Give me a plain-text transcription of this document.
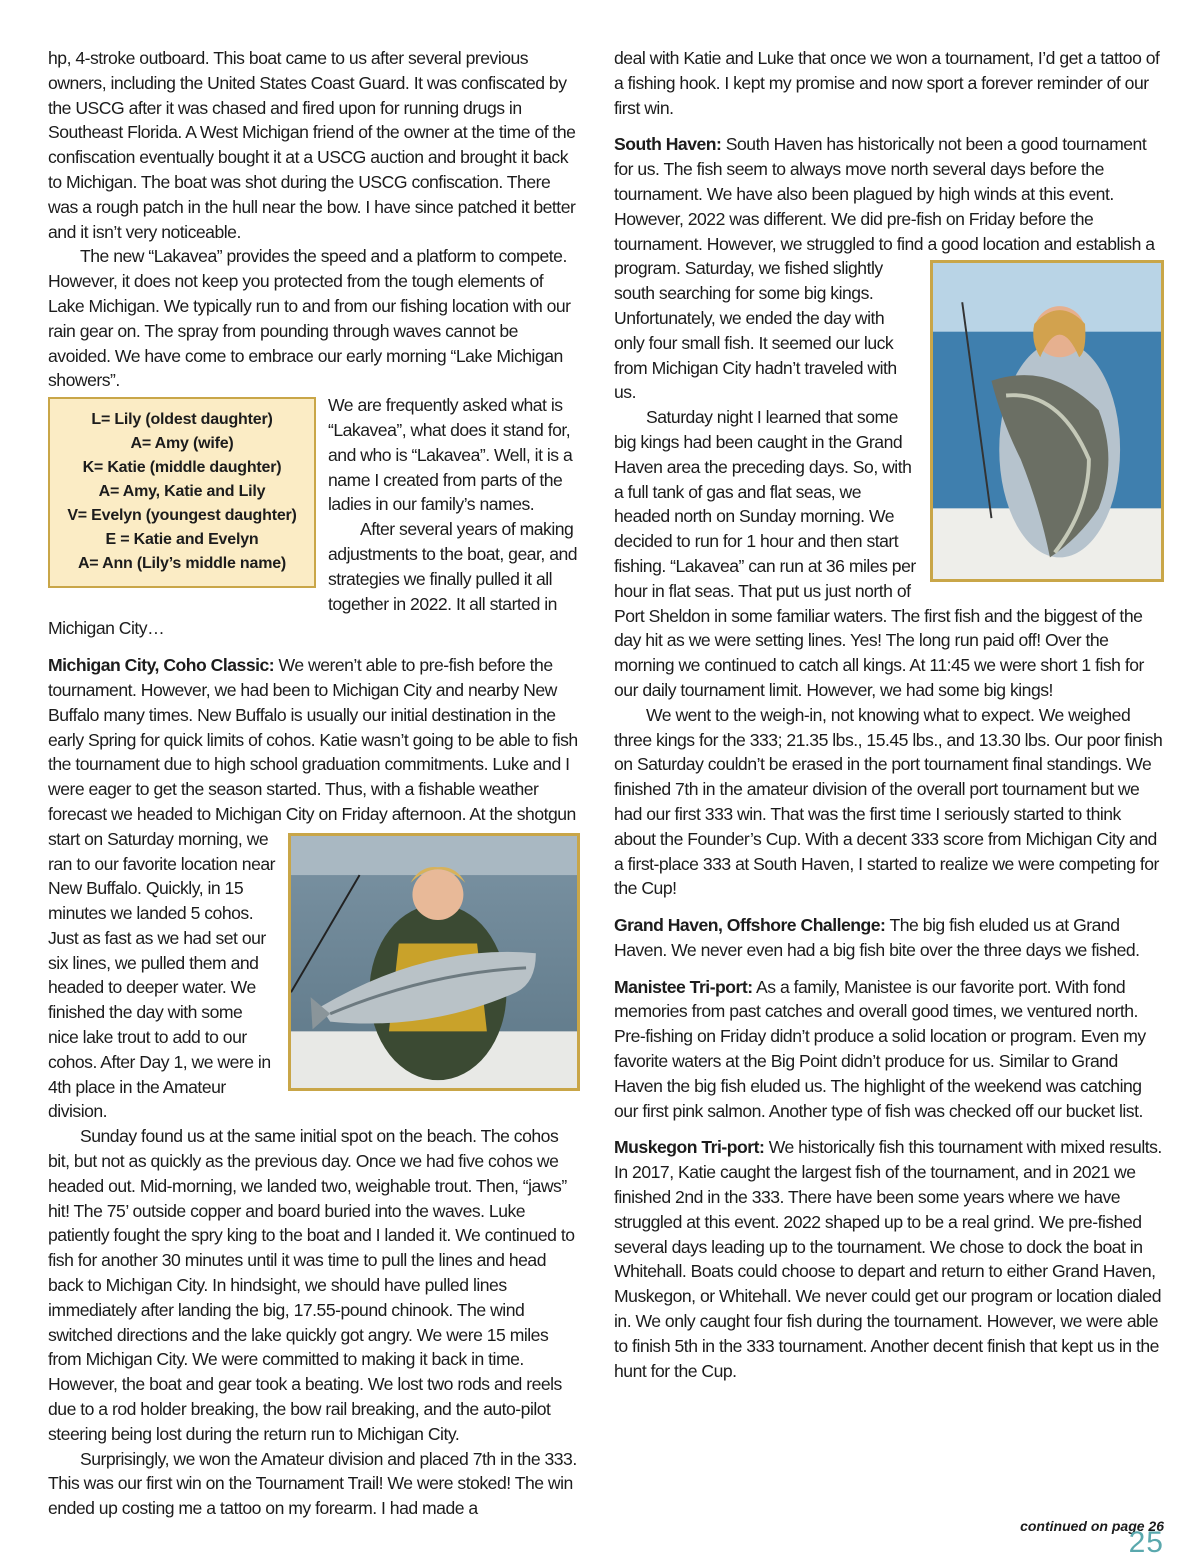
hp, 4-stroke outboard. This boat came to us after several previous owners, including the United States Coast Guard. It was confiscated by the USCG after it was chased and fired upon for running drugs in Southeast Florida. A West Michigan friend of the owner at the time of the confiscation eventually bought it at a USCG auction and brought it back to Michigan. The boat was shot during the USCG confiscation. There was a rough patch in the hull near the bow. I have since patched it better and it isn’t very noticeable.

The new “Lakavea” provides the speed and a platform to compete. However, it does not keep you protected from the tough elements of Lake Michigan. We typically run to and from our fishing location with our rain gear on. The spray from pounding through waves cannot be avoided. We have come to embrace our early morning “Lake Michigan showers”.

L= Lily (oldest daughter)
A= Amy (wife)
K= Katie (middle daughter)
A= Amy, Katie and Lily
V= Evelyn (youngest daughter)
E = Katie and Evelyn
A= Ann (Lily’s middle name)

We are frequently asked what is “Lakavea”, what does it stand for, and who is “Lakavea”. Well, it is a name I created from parts of the ladies in our family’s names.

After several years of making adjustments to the boat, gear, and strategies we finally pulled it all together in 2022. It all started in Michigan City…

Michigan City, Coho Classic: We weren’t able to pre-fish before the tournament. However, we had been to Michigan City and nearby New Buffalo many times. New Buffalo is usually our initial destination in the early Spring for quick limits of cohos. Katie wasn’t going to be able to fish the tournament due to high school graduation commitments. Luke and I were eager to get the season started. Thus, with a fishable weather forecast we headed to Michigan City on Friday afternoon. At
the shotgun start on Saturday morning, we ran to our favorite location near New Buffalo. Quickly, in 15 minutes we landed 5 cohos. Just as fast as we had set our six lines, we pulled them and headed to deeper water. We finished the day with some nice lake trout to add to our cohos. After Day 1, we were in 4th place in the Amateur division.

Sunday found us at the same initial spot on the beach. The cohos bit, but not as quickly as the previous day. Once we had five cohos we headed out. Mid-morning, we landed two, weighable trout. Then, “jaws” hit! The 75’ outside copper and board buried into the waves. Luke patiently fought the spry king to the boat and I landed it. We continued to fish for another 30 minutes until it was time to pull the lines and head back to Michigan City. In hindsight, we should have pulled lines immediately after landing the big, 17.55-pound chinook. The wind switched directions and the lake quickly got angry. We were 15 miles from Michigan City. We were committed to making it back in time. However, the boat and gear took a beating. We lost two rods and reels due to a rod holder breaking, the bow rail breaking, and the auto-pilot steering being lost during the return run to Michigan City.

Surprisingly, we won the Amateur division and placed 7th in the 333. This was our first win on the Tournament Trail! We were stoked! The win ended up costing me a tattoo on my forearm. I had made a

deal with Katie and Luke that once we won a tournament, I’d get a tattoo of a fishing hook. I kept my promise and now sport a forever reminder of our first win.

South Haven: South Haven has historically not been a good tournament for us. The fish seem to always move north several days before the tournament. We have also been plagued by high winds at this event. However, 2022 was different. We did pre-fish on Friday before the tournament. However, we struggled to find a good location and establish
a program. Saturday, we fished slightly south searching for some big kings. Unfortunately, we ended the day with only four small fish. It seemed our luck from Michigan City hadn’t traveled with us.

Saturday night I learned that some big kings had been caught in the Grand Haven area the preceding days. So, with a full tank of gas and flat seas, we headed north on Sunday morning. We decided to run for 1 hour and then start fishing. “Lakavea” can run at 36 miles per hour in flat seas. That put us just north of Port Sheldon in some familiar waters. The first fish and the biggest of the day hit as we were setting lines. Yes! The long run paid off! Over the morning we continued to catch all kings. At 11:45 we were short 1 fish for our daily tournament limit. However, we had some big kings!

We went to the weigh-in, not knowing what to expect. We weighed three kings for the 333; 21.35 lbs., 15.45 lbs., and 13.30 lbs. Our poor finish on Saturday couldn’t be erased in the port tournament final standings. We finished 7th in the amateur division of the overall port tournament but we had our first 333 win. That was the first time I seriously started to think about the Founder’s Cup. With a decent 333 score from Michigan City and a first-place 333 at South Haven, I started to realize we were competing for the Cup!

Grand Haven, Offshore Challenge: The big fish eluded us at Grand Haven. We never even had a big fish bite over the three days we fished.

Manistee Tri-port: As a family, Manistee is our favorite port. With fond memories from past catches and overall good times, we ventured north. Pre-fishing on Friday didn’t produce a solid location or program. Even my favorite waters at the Big Point didn’t produce for us. Similar to Grand Haven the big fish eluded us. The highlight of the weekend was catching our first pink salmon. Another type of fish was checked off our bucket list.

Muskegon Tri-port: We historically fish this tournament with mixed results. In 2017, Katie caught the largest fish of the tournament, and in 2021 we finished 2nd in the 333. There have been some years where we have struggled at this event. 2022 shaped up to be a real grind. We pre-fished several days leading up to the tournament. We chose to dock the boat in Whitehall. Boats could choose to depart and return to either Grand Haven, Muskegon, or Whitehall. We never could get our program or location dialed in. We only caught four fish during the tournament. However, we were able to finish 5th in the 333 tournament. Another decent finish that kept us in the hunt for the Cup.

continued on page 26
25
